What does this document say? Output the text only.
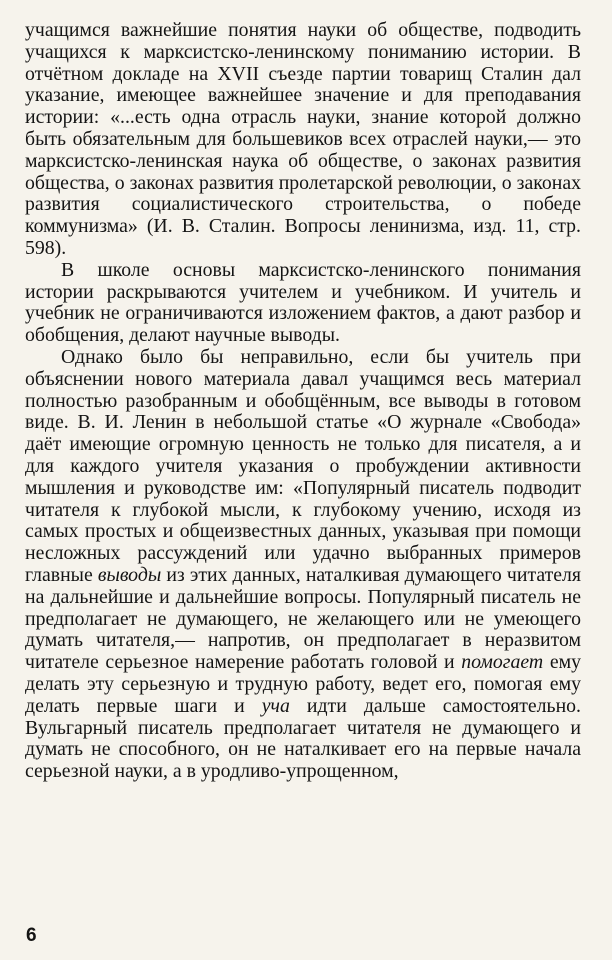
учащимся важнейшие понятия науки об обществе, подводить учащихся к марксистско-ленинскому пониманию истории. В отчётном докладе на XVII съезде партии товарищ Сталин дал указание, имеющее важнейшее значение и для преподавания истории: «...есть одна отрасль науки, знание которой должно быть обязательным для большевиков всех отраслей науки,— это марксистско-ленинская наука об обществе, о законах развития общества, о законах развития пролетарской революции, о законах развития социалистического строительства, о победе коммунизма» (И. В. Сталин. Вопросы ленинизма, изд. 11, стр. 598).

В школе основы марксистско-ленинского понимания истории раскрываются учителем и учебником. И учитель и учебник не ограничиваются изложением фактов, а дают разбор и обобщения, делают научные выводы.

Однако было бы неправильно, если бы учитель при объяснении нового материала давал учащимся весь материал полностью разобранным и обобщённым, все выводы в готовом виде. В. И. Ленин в небольшой статье «О журнале «Свобода» даёт имеющие огромную ценность не только для писателя, а и для каждого учителя указания о пробуждении активности мышления и руководстве им: «Популярный писатель подводит читателя к глубокой мысли, к глубокому учению, исходя из самых простых и общеизвестных данных, указывая при помощи несложных рассуждений или удачно выбранных примеров главные выводы из этих данных, наталкивая думающего читателя на дальнейшие и дальнейшие вопросы. Популярный писатель не предполагает не думающего, не желающего или не умеющего думать читателя,— напротив, он предполагает в неразвитом читателе серьезное намерение работать головой и помогает ему делать эту серьезную и трудную работу, ведет его, помогая ему делать первые шаги и уча идти дальше самостоятельно. Вульгарный писатель предполагает читателя не думающего и думать не способного, он не наталкивает его на первые начала серьезной науки, а в уродливо-упрощенном,

6
